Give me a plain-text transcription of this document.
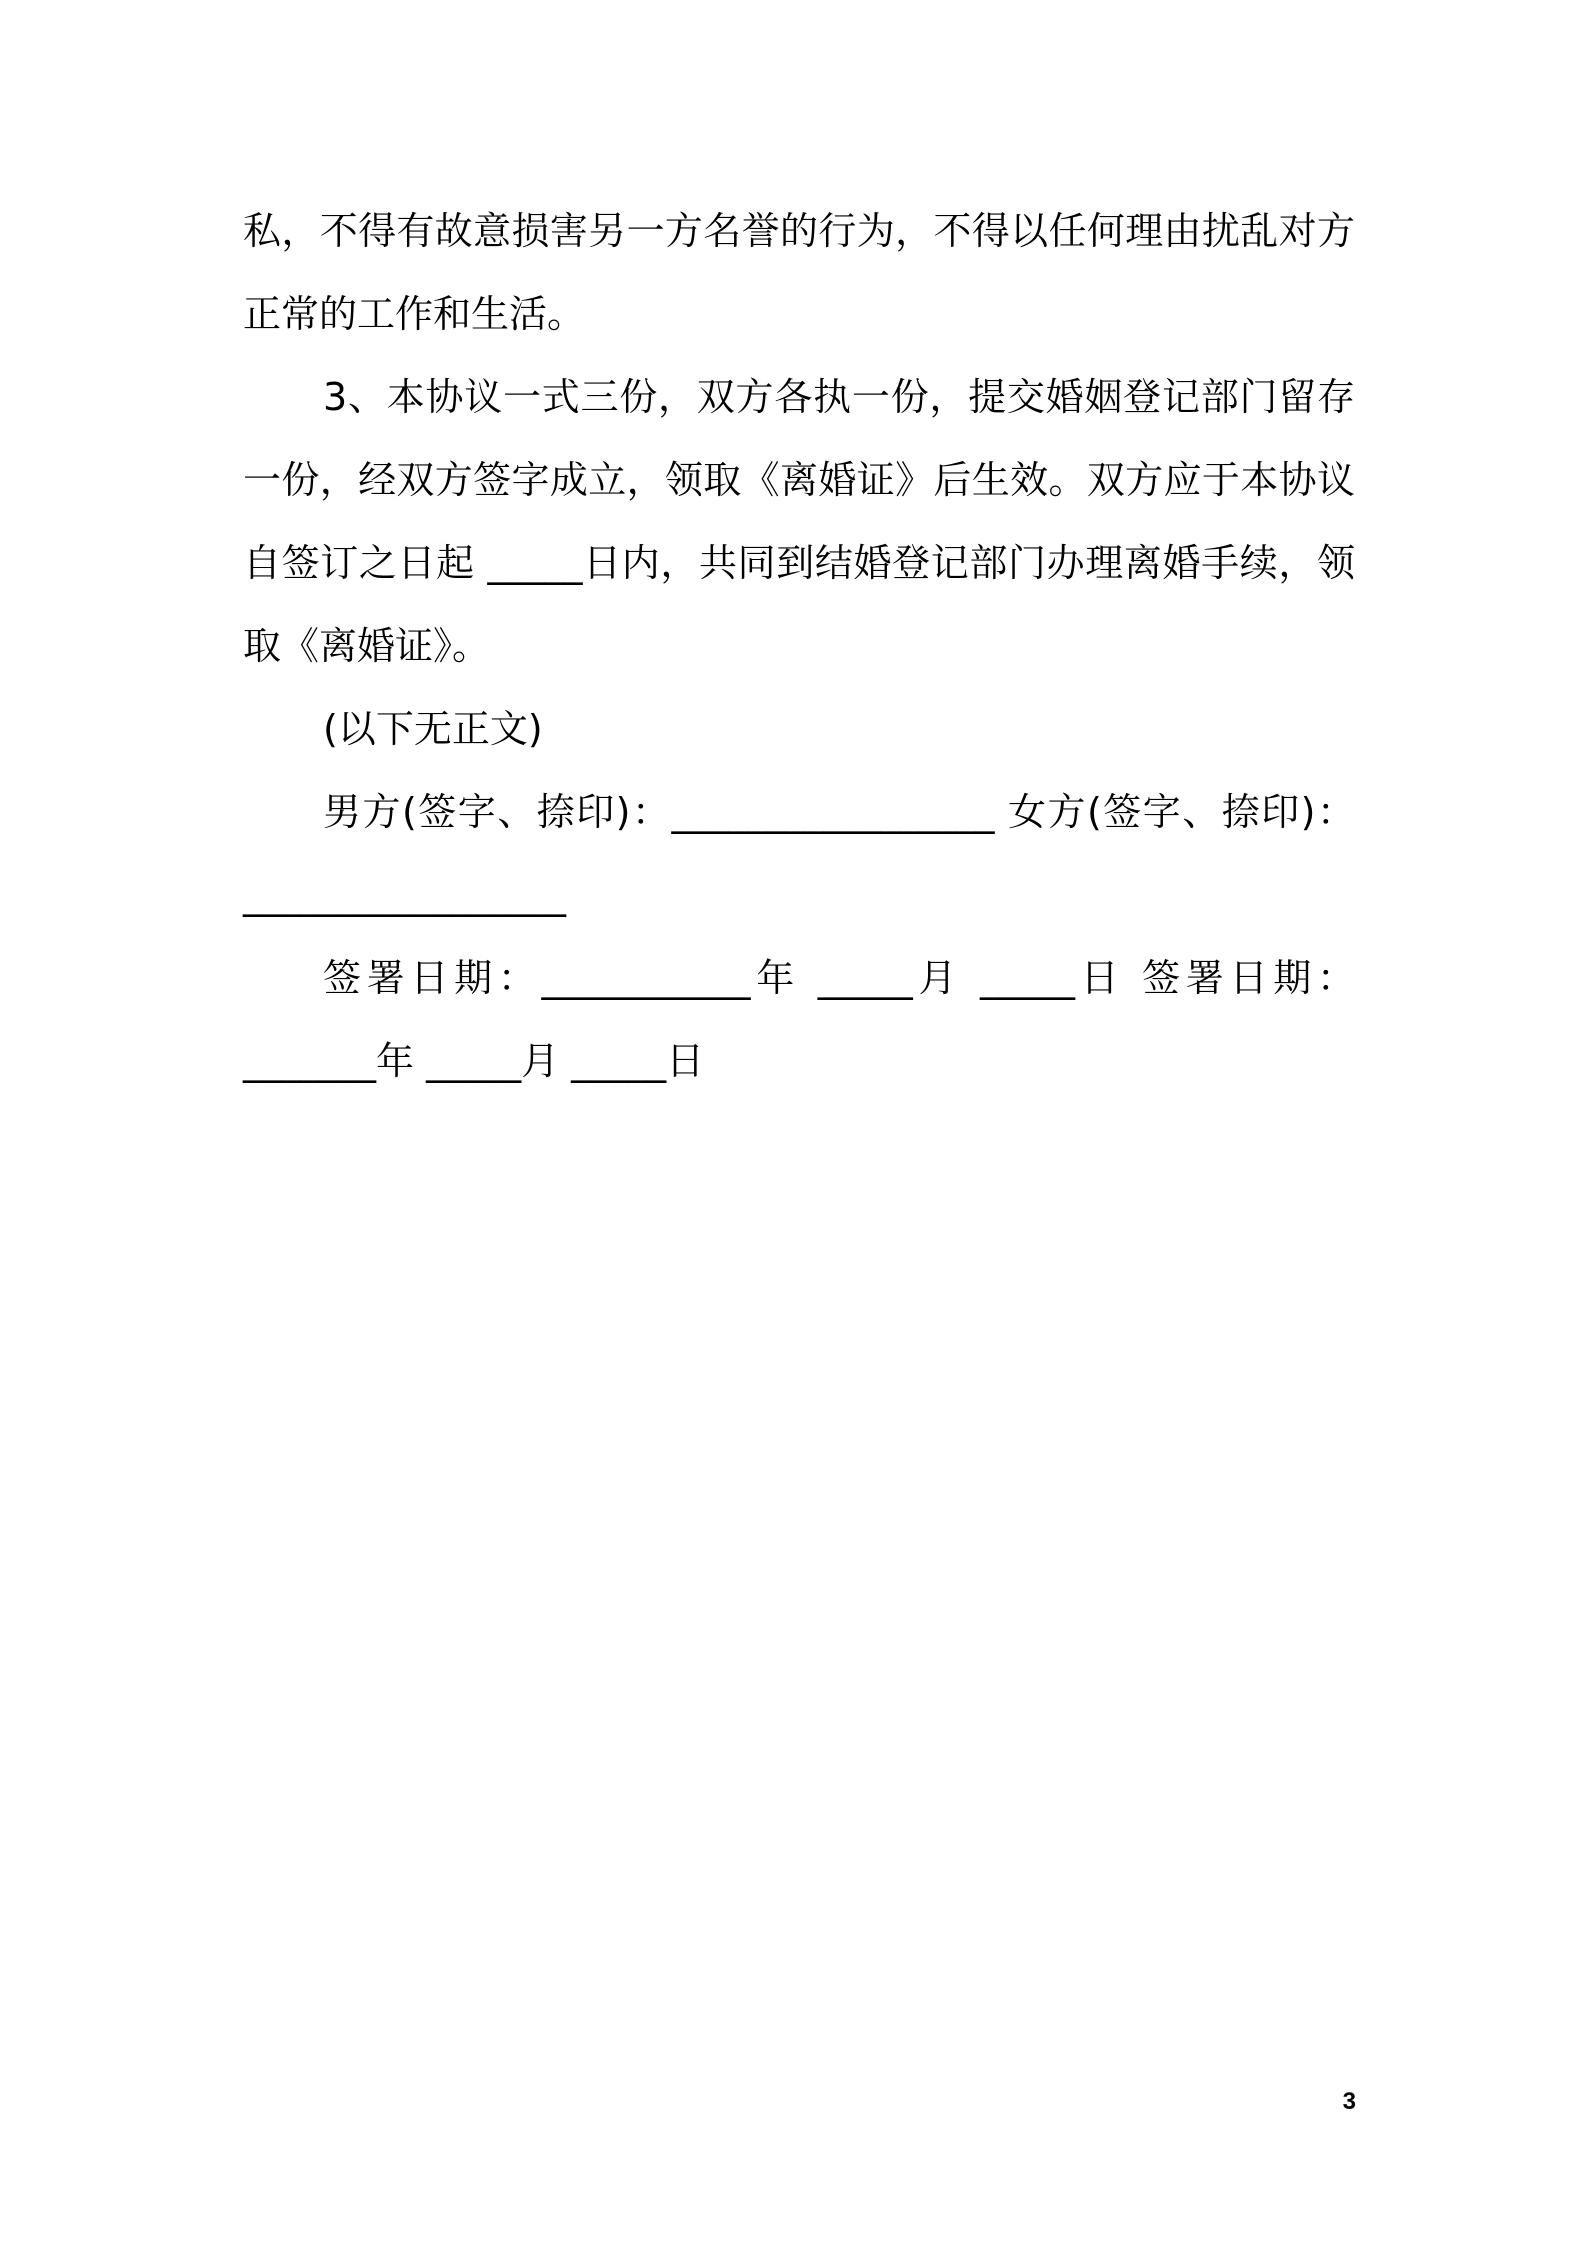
私，不得有故意损害另一方名誉的行为，不得以任何理由扰乱对方正常的工作和生活。

3、本协议一式三份，双方各执一份，提交婚姻登记部门留存一份，经双方签字成立，领取《离婚证》后生效。双方应于本协议自签订之日起 _____日内，共同到结婚登记部门办理离婚手续，领取《离婚证》。

(以下无正文)

男方(签字、捺印)：_________________ 女方(签字、捺印)：_________________

签署日期：___________年 _____月 _____日 签署日期：_______年 _____月 _____日

3
